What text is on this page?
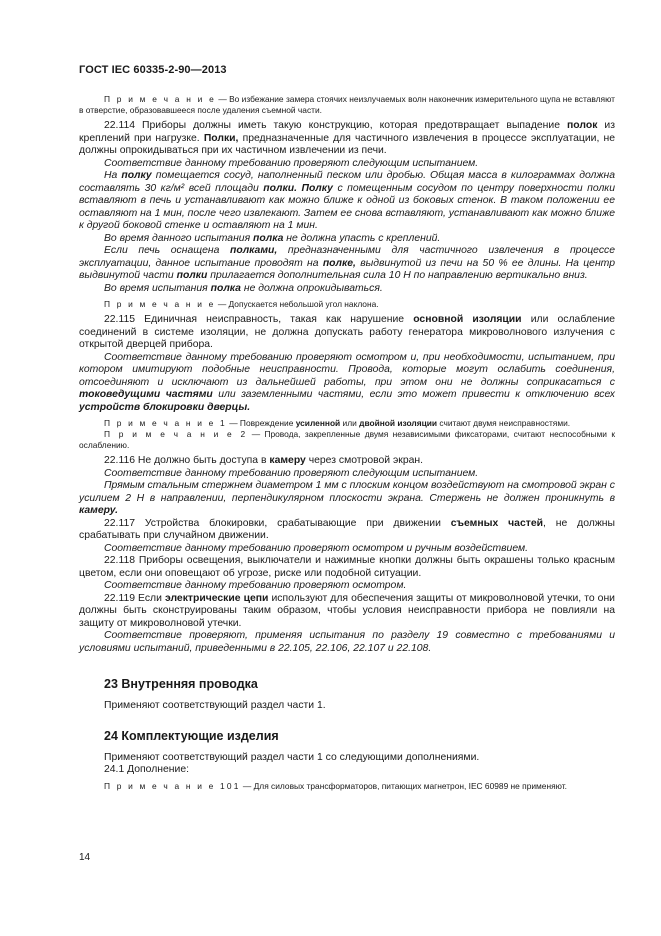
ГОСТ IEC 60335-2-90—2013

П р и м е ч а н и е — Во избежание замера стоячих неизлучаемых волн наконечник измерительного щупа не вставляют в отверстие, образовавшееся после удаления съемной части.

22.114 Приборы должны иметь такую конструкцию, которая предотвращает выпадение полок из креплений при нагрузке. Полки, предназначенные для частичного извлечения в процессе эксплуатации, не должны опрокидываться при их частичном извлечении из печи.

Соответствие данному требованию проверяют следующим испытанием.

На полку помещается сосуд, наполненный песком или дробью. Общая масса в килограммах должна составлять 30 кг/м² всей площади полки. Полку с помещенным сосудом по центру поверхности полки вставляют в печь и устанавливают как можно ближе к одной из боковых стенок. В таком положении ее оставляют на 1 мин, после чего извлекают. Затем ее снова вставляют, устанавливают как можно ближе к другой боковой стенке и оставляют на 1 мин.

Во время данного испытания полка не должна упасть с креплений.

Если печь оснащена полками, предназначенными для частичного извлечения в процессе эксплуатации, данное испытание проводят на полке, выдвинутой из печи на 50 % ее длины. На центр выдвинутой части полки прилагается дополнительная сила 10 Н по направлению вертикально вниз.

Во время испытания полка не должна опрокидываться.

П р и м е ч а н и е — Допускается небольшой угол наклона.

22.115 Единичная неисправность, такая как нарушение основной изоляции или ослабление соединений в системе изоляции, не должна допускать работу генератора микроволнового излучения с открытой дверцей прибора.

Соответствие данному требованию проверяют осмотром и, при необходимости, испытанием, при котором имитируют подобные неисправности. Провода, которые могут ослабить соединения, отсоединяют и исключают из дальнейшей работы, при этом они не должны соприкасаться с токоведущими частями или заземленными частями, если это может привести к отключению всех устройств блокировки дверцы.

П р и м е ч а н и е 1 — Повреждение усиленной или двойной изоляции считают двумя неисправностями.

П р и м е ч а н и е 2 — Провода, закрепленные двумя независимыми фиксаторами, считают неспособными к ослаблению.

22.116 Не должно быть доступа в камеру через смотровой экран.

Соответствие данному требованию проверяют следующим испытанием.

Прямым стальным стержнем диаметром 1 мм с плоским концом воздействуют на смотровой экран с усилием 2 Н в направлении, перпендикулярном плоскости экрана. Стержень не должен проникнуть в камеру.

22.117 Устройства блокировки, срабатывающие при движении съемных частей, не должны срабатывать при случайном движении.

Соответствие данному требованию проверяют осмотром и ручным воздействием.

22.118 Приборы освещения, выключатели и нажимные кнопки должны быть окрашены только красным цветом, если они оповещают об угрозе, риске или подобной ситуации.

Соответствие данному требованию проверяют осмотром.

22.119 Если электрические цепи используют для обеспечения защиты от микроволновой утечки, то они должны быть сконструированы таким образом, чтобы условия неисправности прибора не повлияли на защиту от микроволновой утечки.

Соответствие проверяют, применяя испытания по разделу 19 совместно с требованиями и условиями испытаний, приведенными в 22.105, 22.106, 22.107 и 22.108.

23 Внутренняя проводка

Применяют соответствующий раздел части 1.

24 Комплектующие изделия

Применяют соответствующий раздел части 1 со следующими дополнениями.

24.1 Дополнение:

П р и м е ч а н и е 101 — Для силовых трансформаторов, питающих магнетрон, IEC 60989 не применяют.

14
